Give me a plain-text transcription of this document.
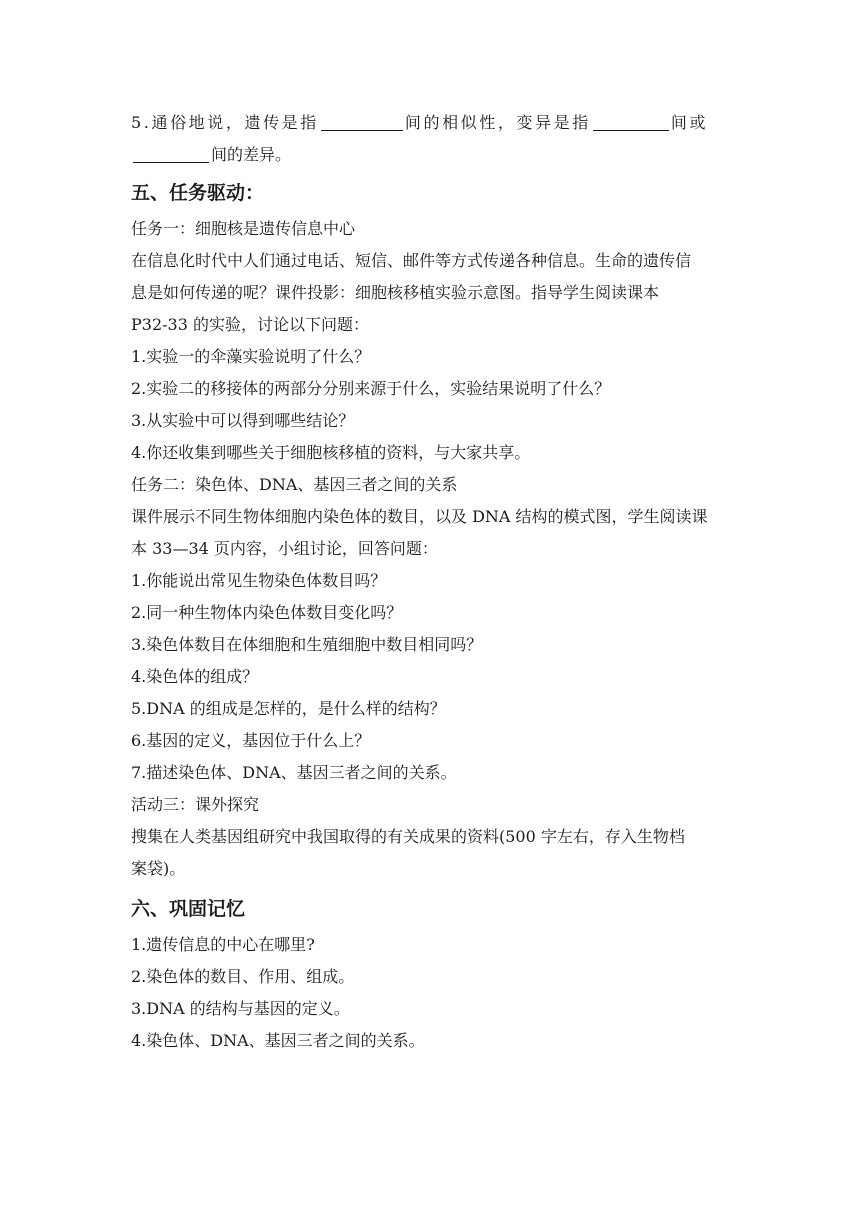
5.通俗地说，遗传是指	间的相似性，变异是指	间或
间的差异。
五、任务驱动：
任务一：细胞核是遗传信息中心
在信息化时代中人们通过电话、短信、邮件等方式传递各种信息。生命的遗传信
息是如何传递的呢？课件投影：细胞核移植实验示意图。指导学生阅读课本
P32-33 的实验，讨论以下问题：
1.实验一的伞藻实验说明了什么？
2.实验二的移接体的两部分分别来源于什么，实验结果说明了什么？
3.从实验中可以得到哪些结论？
4.你还收集到哪些关于细胞核移植的资料，与大家共享。
任务二：染色体、DNA、基因三者之间的关系
课件展示不同生物体细胞内染色体的数目，以及 DNA 结构的模式图，学生阅读课
本 33—34 页内容，小组讨论，回答问题：
1.你能说出常见生物染色体数目吗？
2.同一种生物体内染色体数目变化吗？
3.染色体数目在体细胞和生殖细胞中数目相同吗？
4.染色体的组成？
5.DNA 的组成是怎样的，是什么样的结构？
6.基因的定义，基因位于什么上？
7.描述染色体、DNA、基因三者之间的关系。
活动三：课外探究
搜集在人类基因组研究中我国取得的有关成果的资料(500 字左右，存入生物档
案袋)。
六、巩固记忆
1.遗传信息的中心在哪里?
2.染色体的数目、作用、组成。
3.DNA 的结构与基因的定义。
4.染色体、DNA、基因三者之间的关系。
